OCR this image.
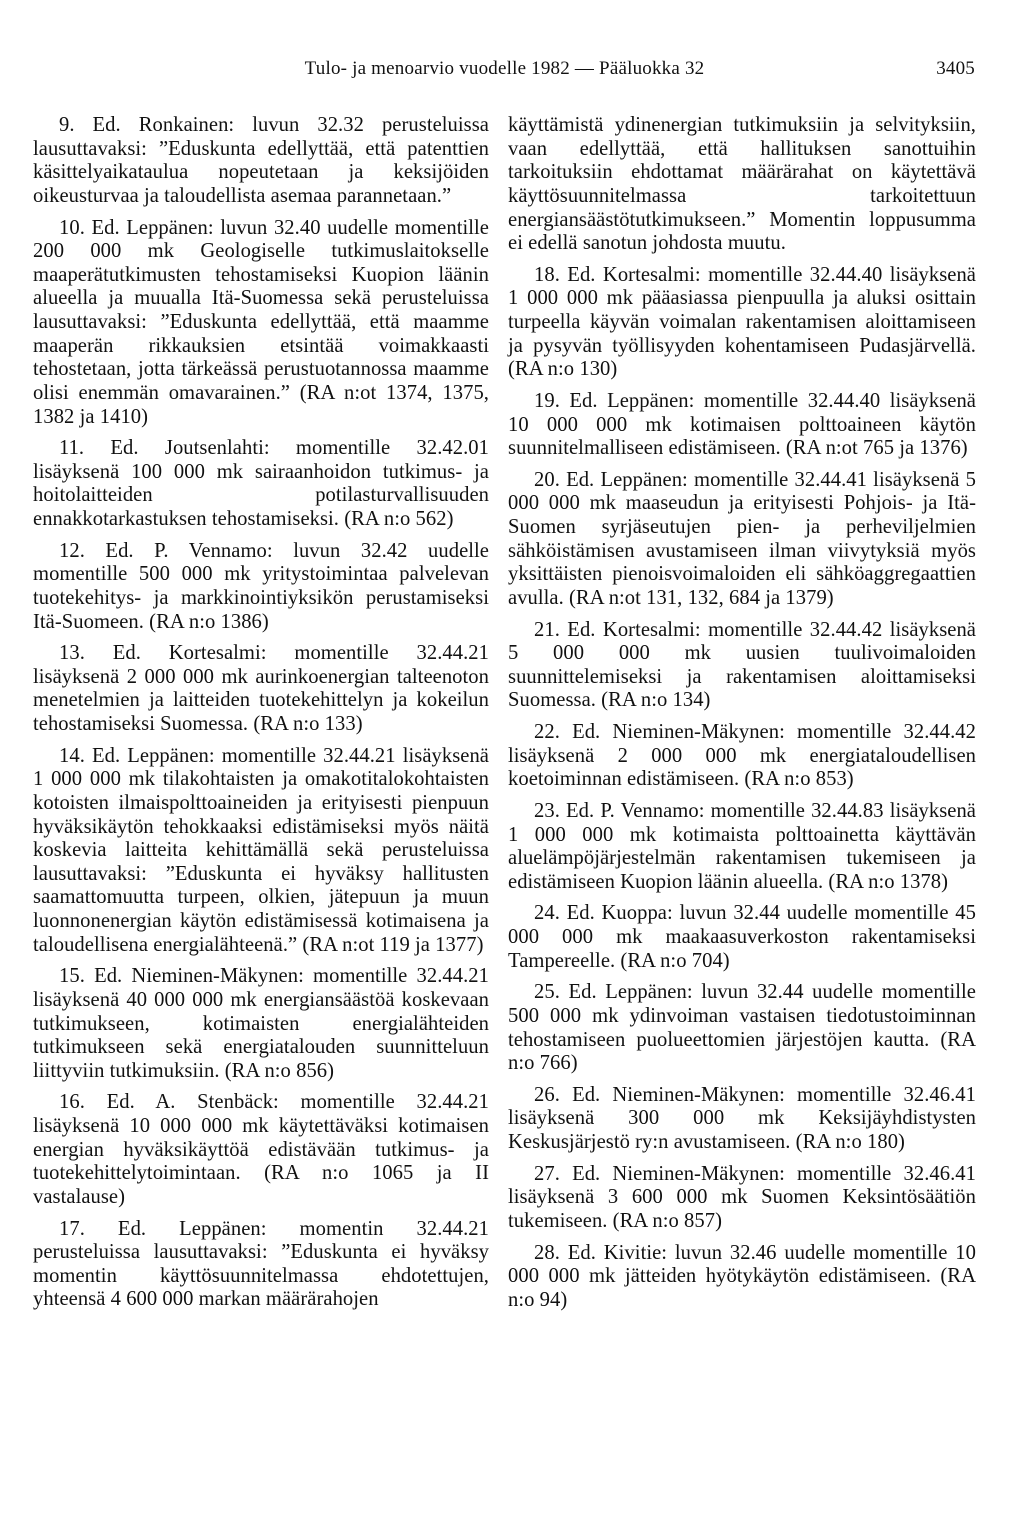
Tulo- ja menoarvio vuodelle 1982 — Pääluokka 32	3405

9. Ed. Ronkainen: luvun 32.32 perusteluissa lausuttavaksi: ”Eduskunta edellyttää, että patenttien käsittelyaikataulua nopeutetaan ja keksijöiden oikeusturvaa ja taloudellista asemaa parannetaan.”

10. Ed. Leppänen: luvun 32.40 uudelle momentille 200 000 mk Geologiselle tutkimuslaitokselle maaperätutkimusten tehostamiseksi Kuopion läänin alueella ja muualla Itä-Suomessa sekä perusteluissa lausuttavaksi: ”Eduskunta edellyttää, että maamme maaperän rikkauksien etsintää voimakkaasti tehostetaan, jotta tärkeässä perustuotannossa maamme olisi enemmän omavarainen.” (RA n:ot 1374, 1375, 1382 ja 1410)

11. Ed. Joutsenlahti: momentille 32.42.01 lisäyksenä 100 000 mk sairaanhoidon tutkimus- ja hoitolaitteiden potilasturvallisuuden ennakkotarkastuksen tehostamiseksi. (RA n:o 562)

12. Ed. P. Vennamo: luvun 32.42 uudelle momentille 500 000 mk yritystoimintaa palvelevan tuotekehitys- ja markkinointiyksikön perustamiseksi Itä-Suomeen. (RA n:o 1386)

13. Ed. Kortesalmi: momentille 32.44.21 lisäyksenä 2 000 000 mk aurinkoenergian talteenoton menetelmien ja laitteiden tuotekehittelyn ja kokeilun tehostamiseksi Suomessa. (RA n:o 133)

14. Ed. Leppänen: momentille 32.44.21 lisäyksenä 1 000 000 mk tilakohtaisten ja omakotitalokohtaisten kotoisten ilmaispolttoaineiden ja erityisesti pienpuun hyväksikäytön tehokkaaksi edistämiseksi myös näitä koskevia laitteita kehittämällä sekä perusteluissa lausuttavaksi: ”Eduskunta ei hyväksy hallitusten saamattomuutta turpeen, olkien, jätepuun ja muun luonnonenergian käytön edistämisessä kotimaisena ja taloudellisena energialähteenä.” (RA n:ot 119 ja 1377)

15. Ed. Nieminen-Mäkynen: momentille 32.44.21 lisäyksenä 40 000 000 mk energiansäästöä koskevaan tutkimukseen, kotimaisten energialähteiden tutkimukseen sekä energiatalouden suunnitteluun liittyviin tutkimuksiin. (RA n:o 856)

16. Ed. A. Stenbäck: momentille 32.44.21 lisäyksenä 10 000 000 mk käytettäväksi kotimaisen energian hyväksikäyttöä edistävään tutkimus- ja tuotekehittelytoimintaan. (RA n:o 1065 ja II vastalause)

17. Ed. Leppänen: momentin 32.44.21 perusteluissa lausuttavaksi: ”Eduskunta ei hyväksy momentin käyttösuunnitelmassa ehdotettujen, yhteensä 4 600 000 markan määrärahojen

käyttämistä ydinenergian tutkimuksiin ja selvityksiin, vaan edellyttää, että hallituksen sanottuihin tarkoituksiin ehdottamat määrärahat on käytettävä käyttösuunnitelmassa tarkoitettuun energiansäästötutkimukseen.” Momentin loppusumma ei edellä sanotun johdosta muutu.

18. Ed. Kortesalmi: momentille 32.44.40 lisäyksenä 1 000 000 mk pääasiassa pienpuulla ja aluksi osittain turpeella käyvän voimalan rakentamisen aloittamiseen ja pysyvän työllisyyden kohentamiseen Pudasjärvellä. (RA n:o 130)

19. Ed. Leppänen: momentille 32.44.40 lisäyksenä 10 000 000 mk kotimaisen polttoaineen käytön suunnitelmalliseen edistämiseen. (RA n:ot 765 ja 1376)

20. Ed. Leppänen: momentille 32.44.41 lisäyksenä 5 000 000 mk maaseudun ja erityisesti Pohjois- ja Itä-Suomen syrjäseutujen pien- ja perheviljelmien sähköistämisen avustamiseen ilman viivytyksiä myös yksittäisten pienoisvoimaloiden eli sähköaggregaattien avulla. (RA n:ot 131, 132, 684 ja 1379)

21. Ed. Kortesalmi: momentille 32.44.42 lisäyksenä 5 000 000 mk uusien tuulivoimaloiden suunnittelemiseksi ja rakentamisen aloittamiseksi Suomessa. (RA n:o 134)

22. Ed. Nieminen-Mäkynen: momentille 32.44.42 lisäyksenä 2 000 000 mk energiataloudellisen koetoiminnan edistämiseen. (RA n:o 853)

23. Ed. P. Vennamo: momentille 32.44.83 lisäyksenä 1 000 000 mk kotimaista polttoainetta käyttävän aluelämpöjärjestelmän rakentamisen tukemiseen ja edistämiseen Kuopion läänin alueella. (RA n:o 1378)

24. Ed. Kuoppa: luvun 32.44 uudelle momentille 45 000 000 mk maakaasuverkoston rakentamiseksi Tampereelle. (RA n:o 704)

25. Ed. Leppänen: luvun 32.44 uudelle momentille 500 000 mk ydinvoiman vastaisen tiedotustoiminnan tehostamiseen puolueettomien järjestöjen kautta. (RA n:o 766)

26. Ed. Nieminen-Mäkynen: momentille 32.46.41 lisäyksenä 300 000 mk Keksijäyhdistysten Keskusjärjestö ry:n avustamiseen. (RA n:o 180)

27. Ed. Nieminen-Mäkynen: momentille 32.46.41 lisäyksenä 3 600 000 mk Suomen Keksintösäätiön tukemiseen. (RA n:o 857)

28. Ed. Kivitie: luvun 32.46 uudelle momentille 10 000 000 mk jätteiden hyötykäytön edistämiseen. (RA n:o 94)
